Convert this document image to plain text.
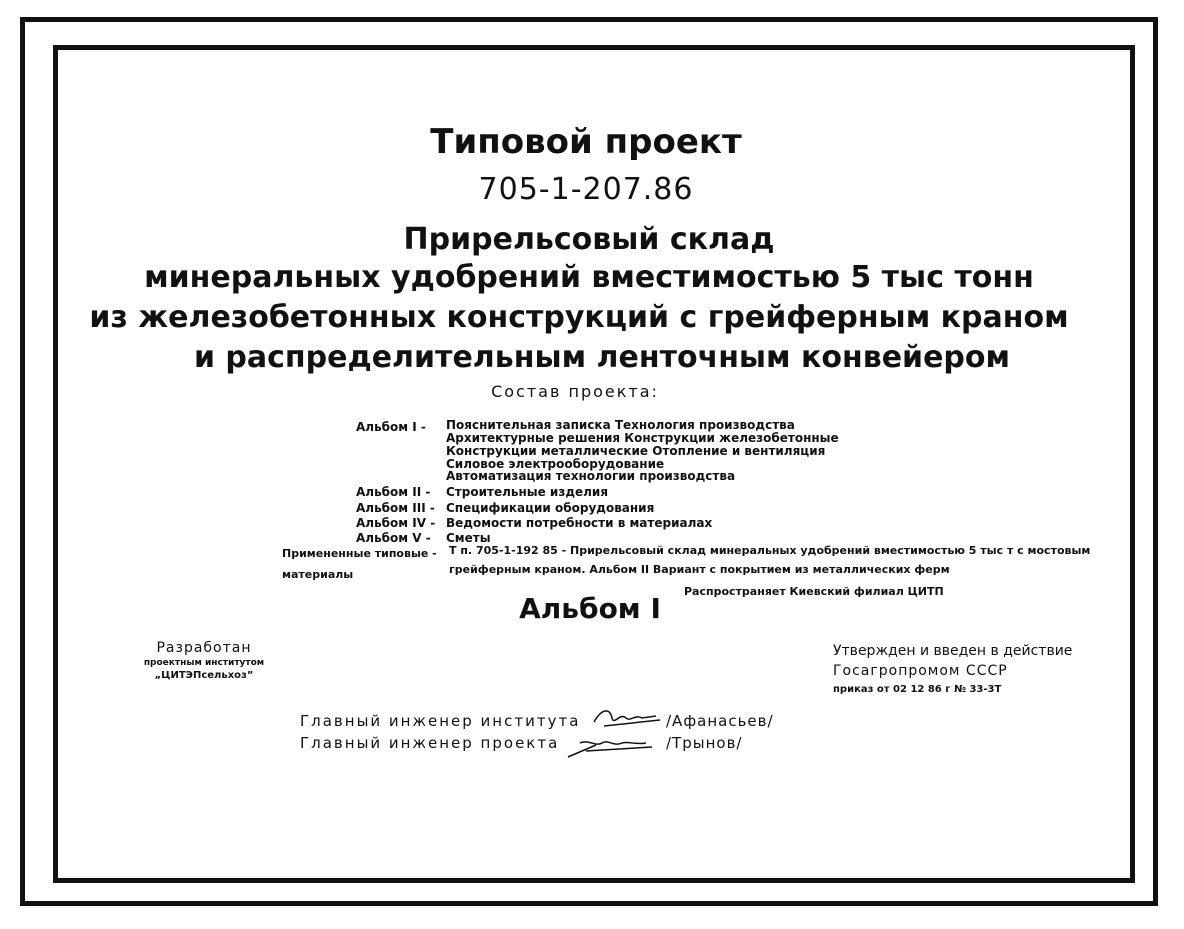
Типовой проект
705-1-207.86
Прирельсовый склад
минеральных удобрений вместимостью 5 тыс тонн
из железобетонных конструкций с грейферным краном
и распределительным ленточным конвейером
Состав проекта:
Альбом I - Пояснительная записка Технология производства
Архитектурные решения Конструкции железобетонные
Конструкции металлические Отопление и вентиляция
Силовое электрооборудование
Автоматизация технологии производства
Альбом II - Строительные изделия
Альбом III - Спецификации оборудования
Альбом IV - Ведомости потребности в материалах
Альбом V - Сметы
Примененные типовые -
материалы
Т п. 705-1-192 85 - Прирельсовый склад минеральных удобрений вместимостью 5 тыс т с мостовым
грейферным краном. Альбом II Вариант с покрытием из металлических ферм
Распространяет Киевский филиал ЦИТП
Альбом I
Разработан
проектным институтом
„ЦИТЭПсельхоз”
Утвержден и введен в действие
Госагропромом СССР
приказ от 02 12 86 г № 33-3Т
Главный инженер института	/Афанасьев/
Главный инженер проекта	/Трынов/
